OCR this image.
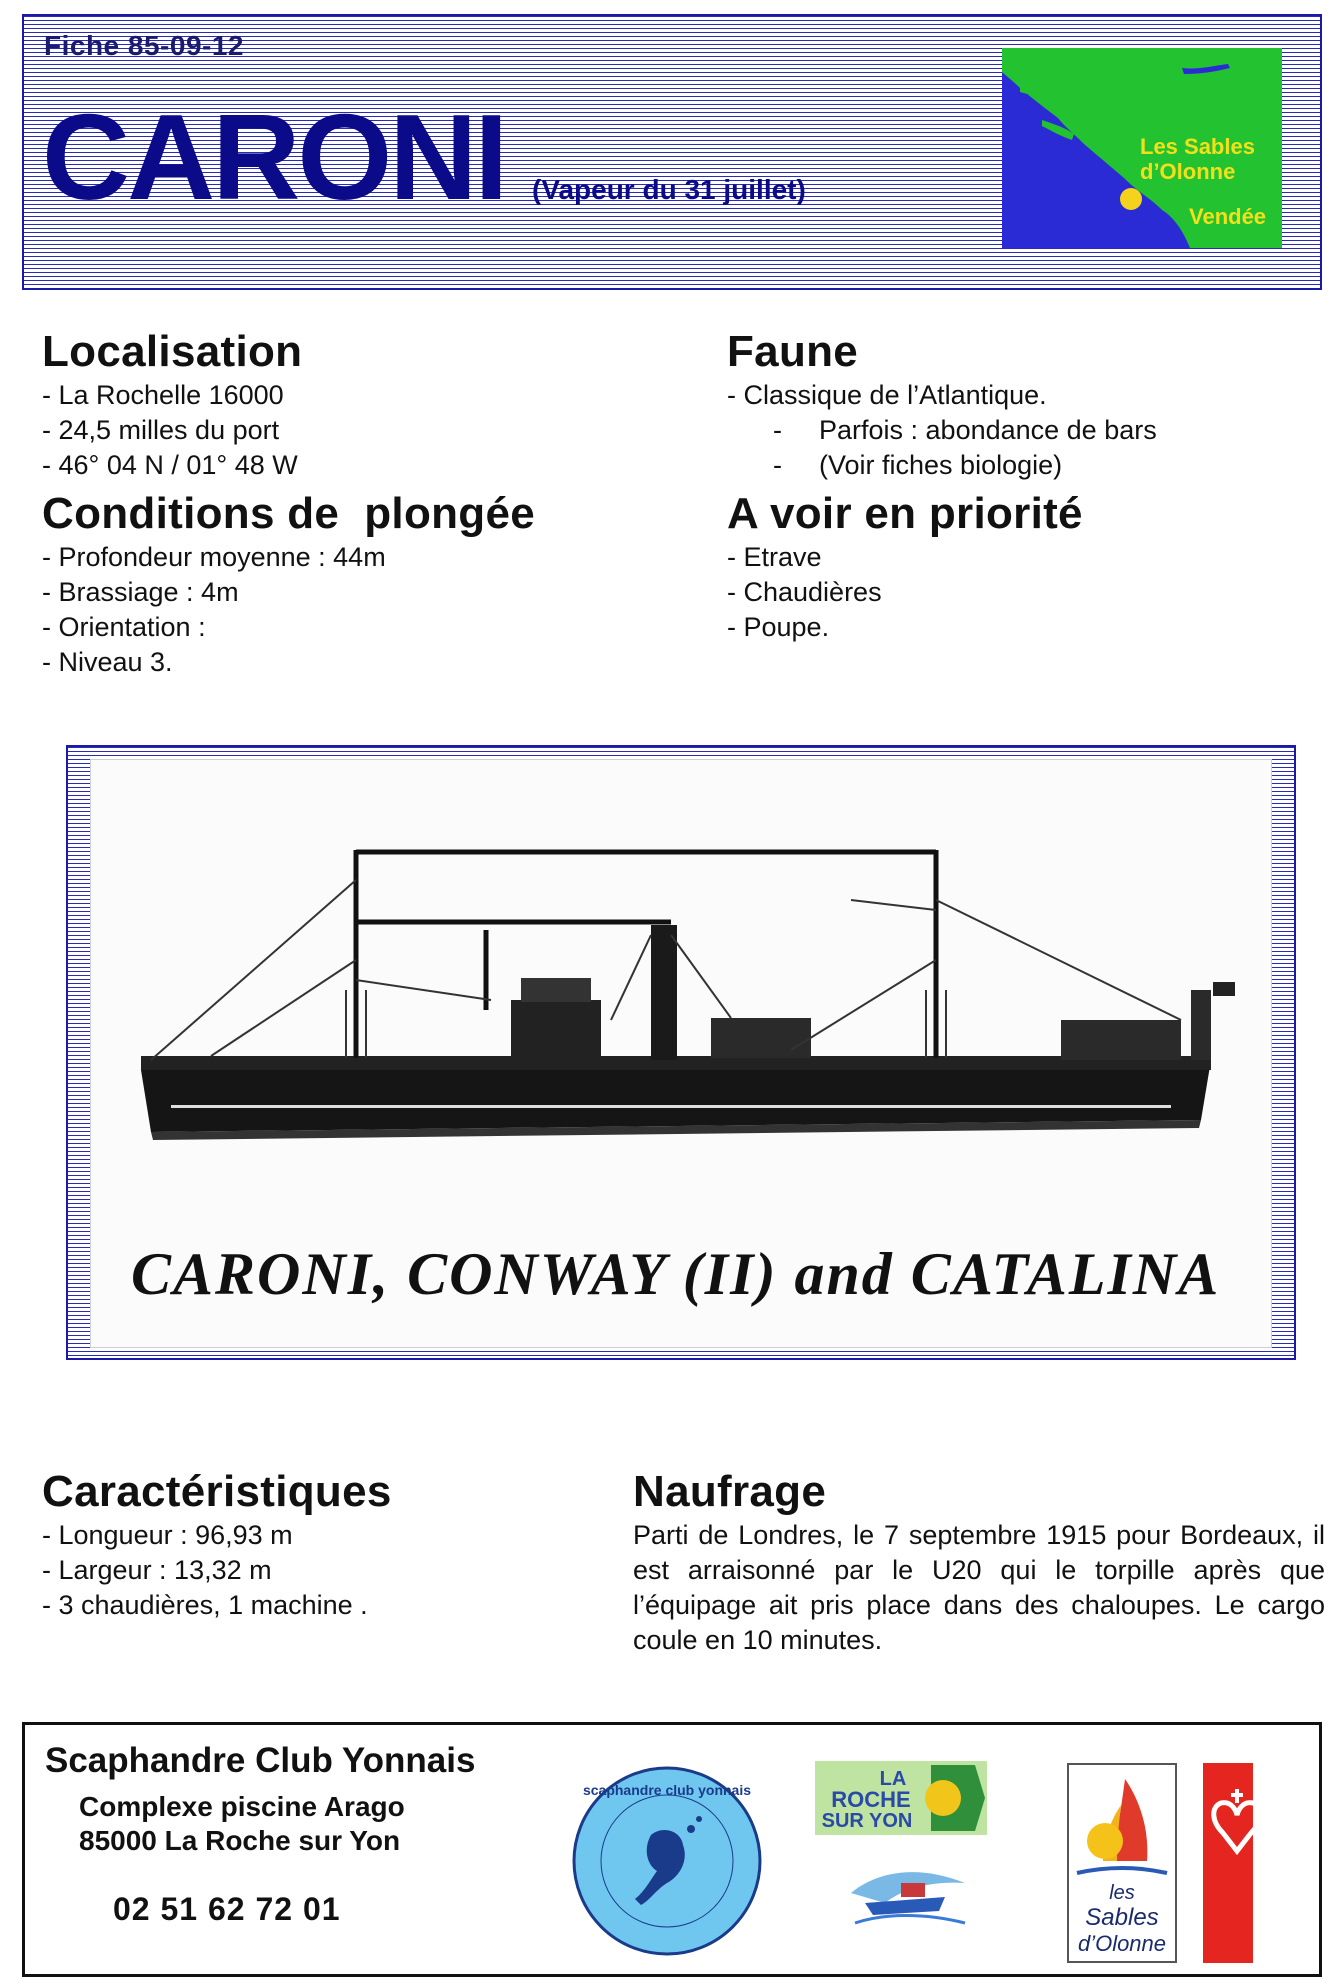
Fiche 85-09-12
CARONI (Vapeur du 31 juillet)
Les Sables d’Olonne
Vendée
Localisation
- La Rochelle 16000
- 24,5 milles du port
- 46° 04 N / 01° 48 W
Conditions de  plongée
- Profondeur moyenne : 44m
- Brassiage : 4m
- Orientation :
- Niveau 3.
Faune
- Classique de l’Atlantique.
- Parfois : abondance de bars
- (Voir fiches biologie)
A voir en priorité
- Etrave
- Chaudières
- Poupe.
CARONI, CONWAY (II) and CATALINA
Caractéristiques
- Longueur : 96,93 m
- Largeur : 13,32 m
- 3 chaudières, 1 machine .
Naufrage

Parti de Londres, le 7 septembre 1915 pour Bordeaux, il est arraisonné par le U20 qui le torpille après que l’équipage ait pris place dans des chaloupes. Le cargo coule en 10 minutes.

Scaphandre Club Yonnais
Complexe piscine Arago
85000 La Roche sur Yon
02 51 62 72 01
scaphandre club yonnais	LA
ROCHE
SUR YON
les
Sables
d’Olonne
